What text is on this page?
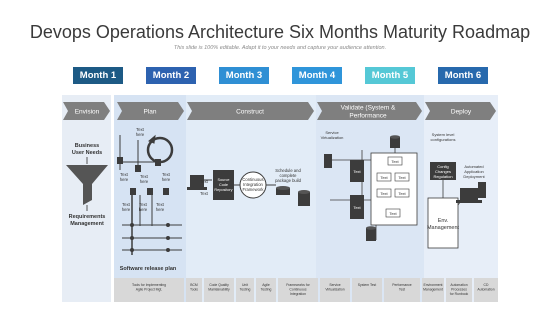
Devops Operations Architecture Six Months Maturity Roadmap
This slide is 100% editable. Adapt it to your needs and capture your audience attention.
Month 1	Month 2	Month 3	Month 4	Month 5	Month 6
Envision	Plan	Construct
Validate (System &
Performance
Deploy
Business
User Needs
Requirements
Management
Text
here
Text
here
Text
here
Text
here
Text
here
Text
here
Text
here
Software release plan
Source
Code
Repository
Continuous
Integration
Framework
Text
Text
Schedule and
complete
package build
Service
Virtualization
Text	Text
Text	Text
Text
Text
Text
Text
System level
configurations
Automated
Application
Deployment
Env.
Management
Config
Changes
Regulation
Tools for Implementing
Agile Project Mgt.
BCM
Tools
Code Quality
Maintainability
Unit
Testing
Agile
Testing
Frameworks for
Continuous
Integration
Service
Virtualization
System Test	Performance
Test
Environment
Management
Automation
Processes
for Runbook
CD
Automation
